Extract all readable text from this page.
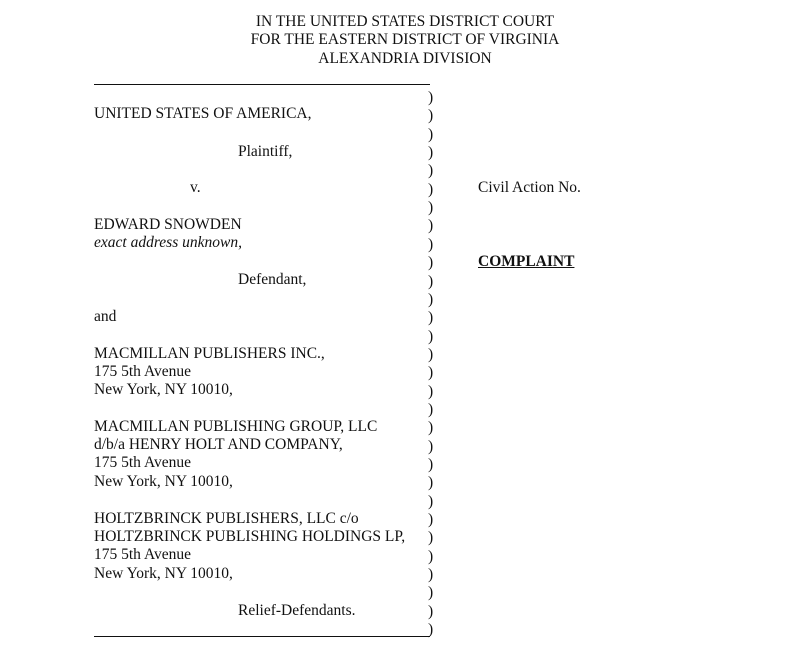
IN THE UNITED STATES DISTRICT COURT
FOR THE EASTERN DISTRICT OF VIRGINIA
ALEXANDRIA DIVISION
UNITED STATES OF AMERICA,
Plaintiff,
v.
EDWARD SNOWDEN
exact address unknown,
Defendant,
and
MACMILLAN PUBLISHERS INC.,
175 5th Avenue
New York, NY 10010,
MACMILLAN PUBLISHING GROUP, LLC
d/b/a HENRY HOLT AND COMPANY,
175 5th Avenue
New York, NY 10010,
HOLTZBRINCK PUBLISHERS, LLC c/o
HOLTZBRINCK PUBLISHING HOLDINGS LP,
175 5th Avenue
New York, NY 10010,
Relief-Defendants.
)
)
)
)
)
)
)
)
)
)
)
)
)
)
)
)
)
)
)
)
)
)
)
)
)
)
)
)
)
)
Civil Action No.
COMPLAINT
